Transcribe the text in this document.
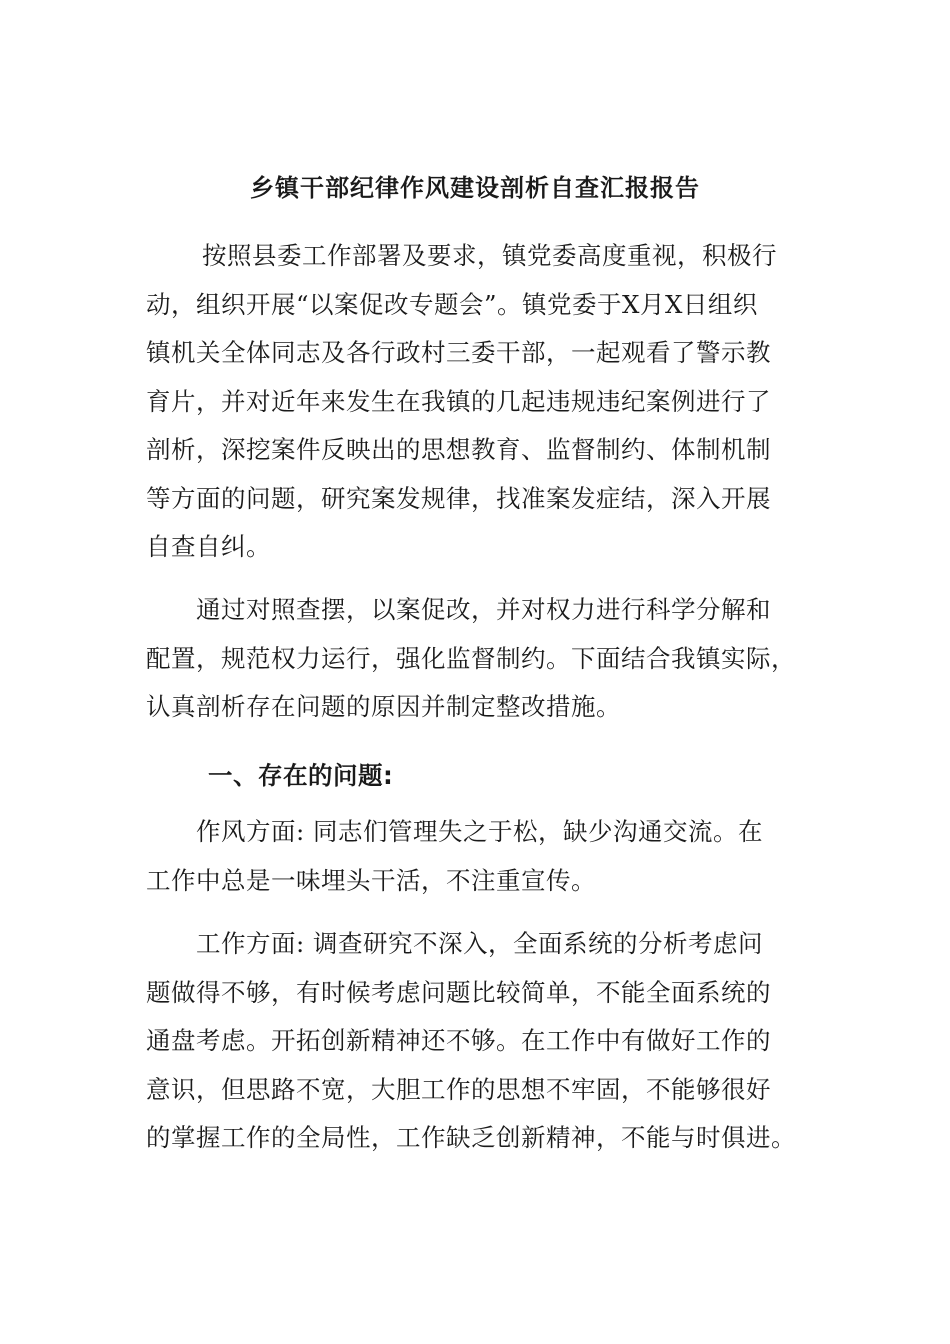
乡镇干部纪律作风建设剖析自查汇报报告
按照县委工作部署及要求，镇党委高度重视，积极行
动，组织开展“以案促改专题会”。镇党委于X月X日组织
镇机关全体同志及各行政村三委干部，一起观看了警示教
育片，并对近年来发生在我镇的几起违规违纪案例进行了
剖析，深挖案件反映出的思想教育、监督制约、体制机制
等方面的问题，研究案发规律，找准案发症结，深入开展
自查自纠。
通过对照查摆，以案促改，并对权力进行科学分解和
配置，规范权力运行，强化监督制约。下面结合我镇实际，
认真剖析存在问题的原因并制定整改措施。
一、存在的问题:
作风方面: 同志们管理失之于松，缺少沟通交流。在
工作中总是一味埋头干活，不注重宣传。
工作方面: 调查研究不深入，全面系统的分析考虑问
题做得不够，有时候考虑问题比较简单，不能全面系统的
通盘考虑。开拓创新精神还不够。在工作中有做好工作的
意识，但思路不宽，大胆工作的思想不牢固，不能够很好
的掌握工作的全局性，工作缺乏创新精神，不能与时俱进。
